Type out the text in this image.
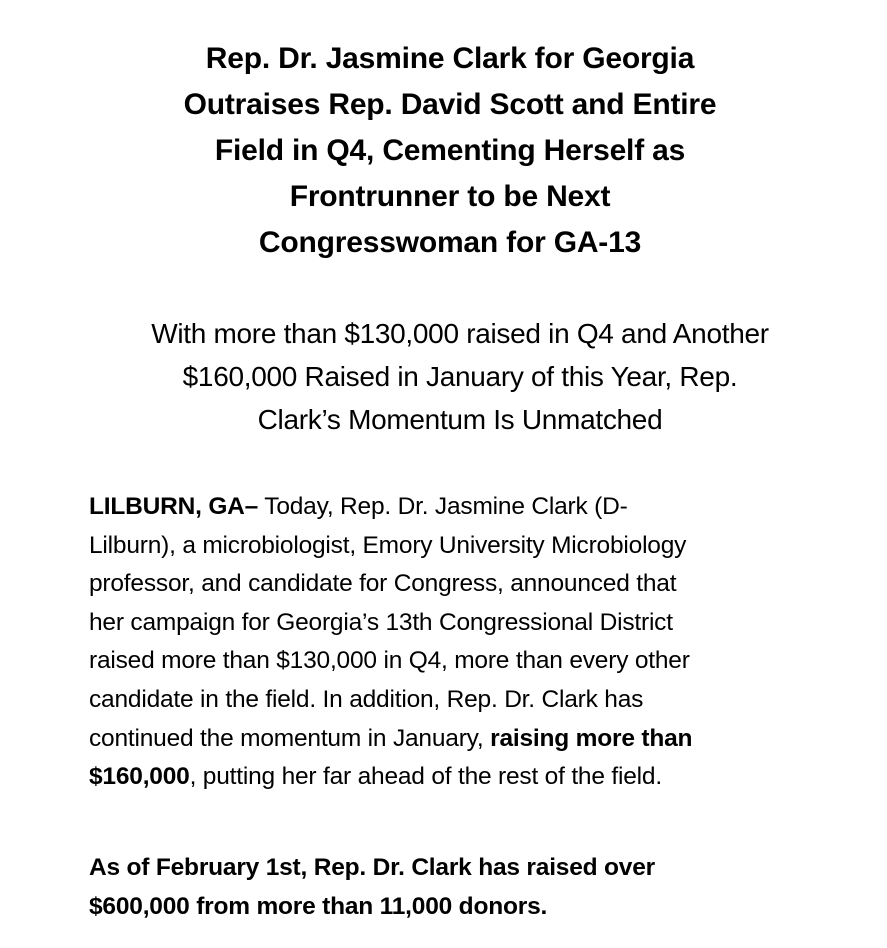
Rep. Dr. Jasmine Clark for Georgia
Outraises Rep. David Scott and Entire
Field in Q4, Cementing Herself as
Frontrunner to be Next
Congresswoman for GA-13
With more than $130,000 raised in Q4 and Another
$160,000 Raised in January of this Year, Rep.
Clark’s Momentum Is Unmatched
LILBURN, GA– Today, Rep. Dr. Jasmine Clark (D-
Lilburn), a microbiologist, Emory University Microbiology
professor, and candidate for Congress, announced that
her campaign for Georgia’s 13th Congressional District
raised more than $130,000 in Q4, more than every other
candidate in the field. In addition, Rep. Dr. Clark has
continued the momentum in January, raising more than
$160,000, putting her far ahead of the rest of the field.
As of February 1st, Rep. Dr. Clark has raised over
$600,000 from more than 11,000 donors.
